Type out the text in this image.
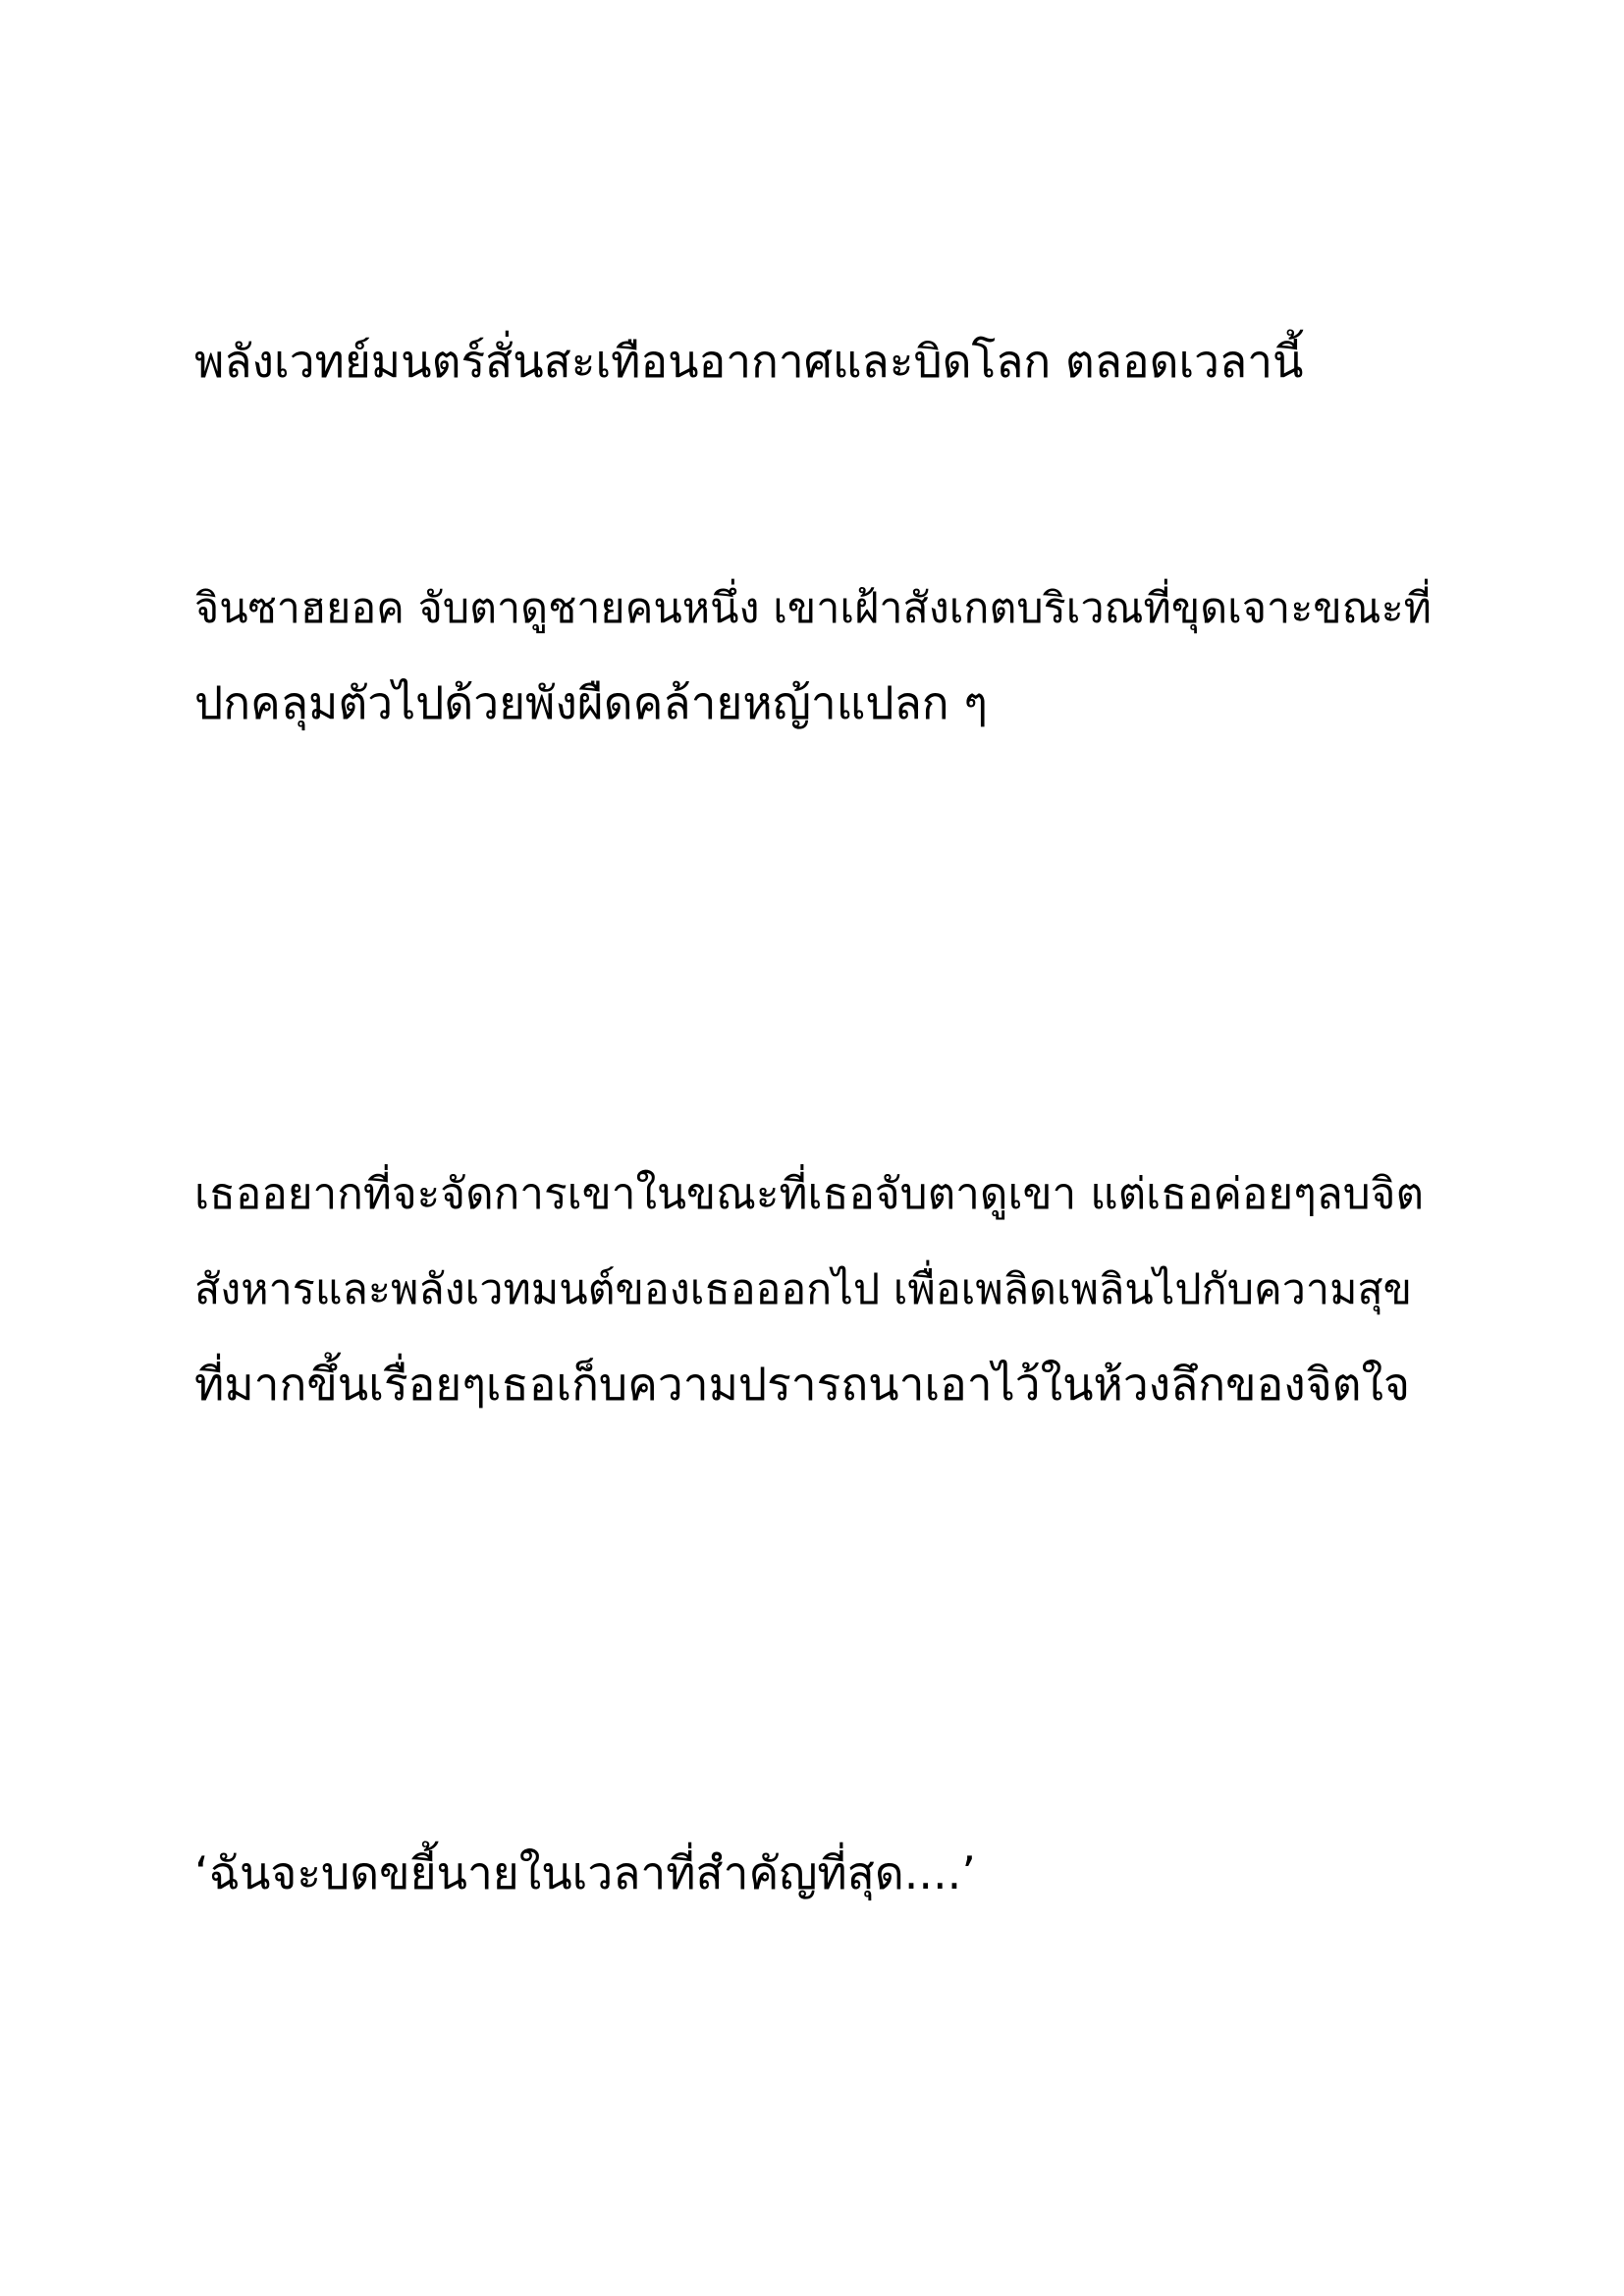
พลังเวทย์มนตร์สั่นสะเทือนอากาศและบิดโลก ตลอดเวลานี้

จินซาฮยอค จับตาดูชายคนหนึ่ง เขาเฝ้าสังเกตบริเวณที่ขุดเจาะขณะที่

ปกคลุมตัวไปด้วยพังผืดคล้ายหญ้าแปลก ๆ

เธออยากที่จะจัดการเขาในขณะที่เธอจับตาดูเขา แต่เธอค่อยๆลบจิต

สังหารและพลังเวทมนต์ของเธอออกไป เพื่อเพลิดเพลินไปกับความสุข

ที่มากขึ้นเรื่อยๆเธอเก็บความปรารถนาเอาไว้ในห้วงลึกของจิตใจ

‘ฉันจะบดขยี้นายในเวลาที่สำคัญที่สุด....’
